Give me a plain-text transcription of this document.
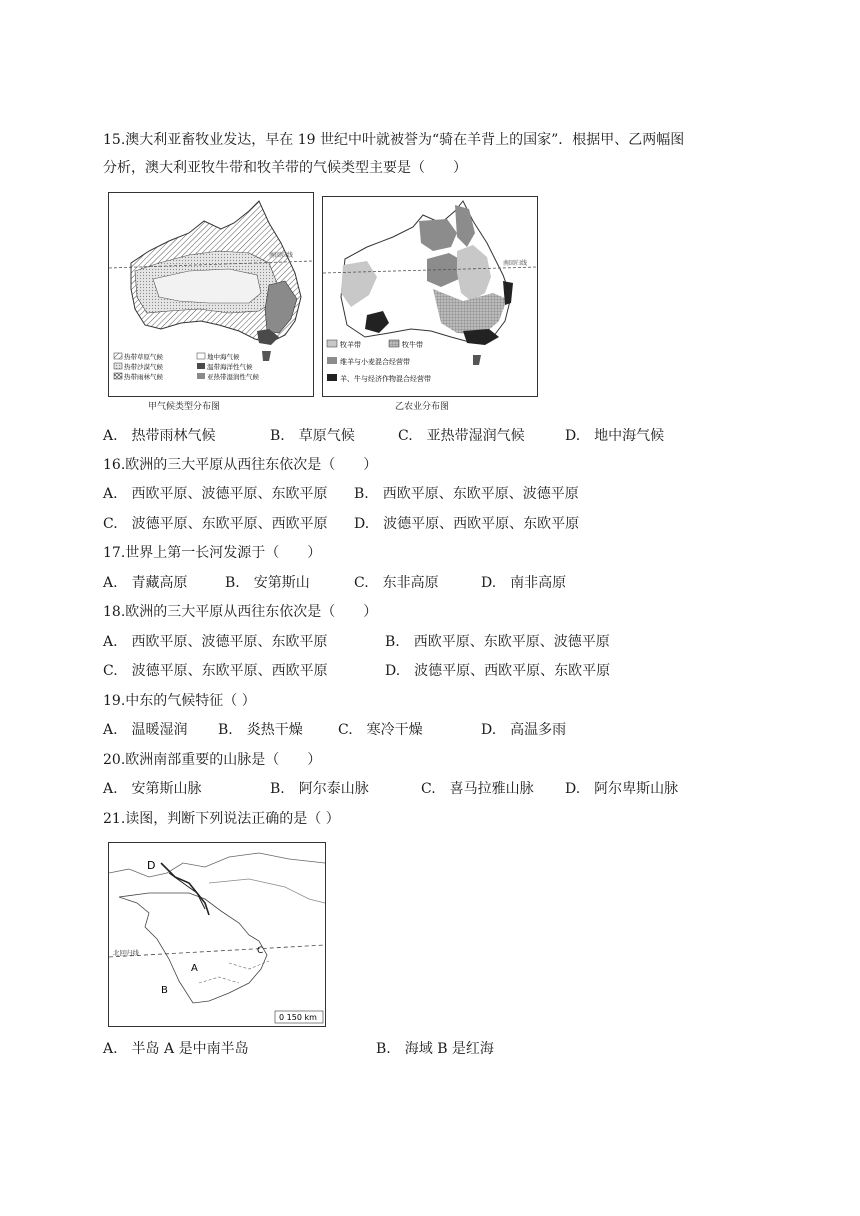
15.澳大利亚畜牧业发达，早在 19 世纪中叶就被誉为“骑在羊背上的国家”．根据甲、乙两幅图
分析，澳大利亚牧牛带和牧羊带的气候类型主要是（　　）
南回归线
热带草原气候	地中海气候
热带沙漠气候	温带海洋性气候
热带雨林气候	亚热带湿润性气候
甲气候类型分布图
南回归线
牧羊带	牧牛带
维羊与小麦混合经营带
羊、牛与经济作物混合经营带
乙农业分布图
A.　热带雨林气候	B.　草原气候	C.　亚热带湿润气候	D.　地中海气候
16.欧洲的三大平原从西往东依次是（　　）
A.　西欧平原、波德平原、东欧平原 B.　西欧平原、东欧平原、波德平原
C.　波德平原、东欧平原、西欧平原 D.　波德平原、西欧平原、东欧平原
17.世界上第一长河发源于（　　）
A.　青藏高原	B.　安第斯山	C.　东非高原	D.　南非高原
18.欧洲的三大平原从西往东依次是（　　）
A.　西欧平原、波德平原、东欧平原	B.　西欧平原、东欧平原、波德平原
C.　波德平原、东欧平原、西欧平原	D.　波德平原、西欧平原、东欧平原
19.中东的气候特征（ ）
A.　温暖湿润 B.　炎热干燥	C.　寒冷干燥	D.　高温多雨
20.欧洲南部重要的山脉是（　　）
A.　安第斯山脉	B.　阿尔泰山脉	C.　喜马拉雅山脉 D.　阿尔卑斯山脉
21.读图，判断下列说法正确的是（ ）
北回归线
D
C
A
B
0 150 km
A.　半岛 A 是中南半岛	B.　海域 B 是红海
